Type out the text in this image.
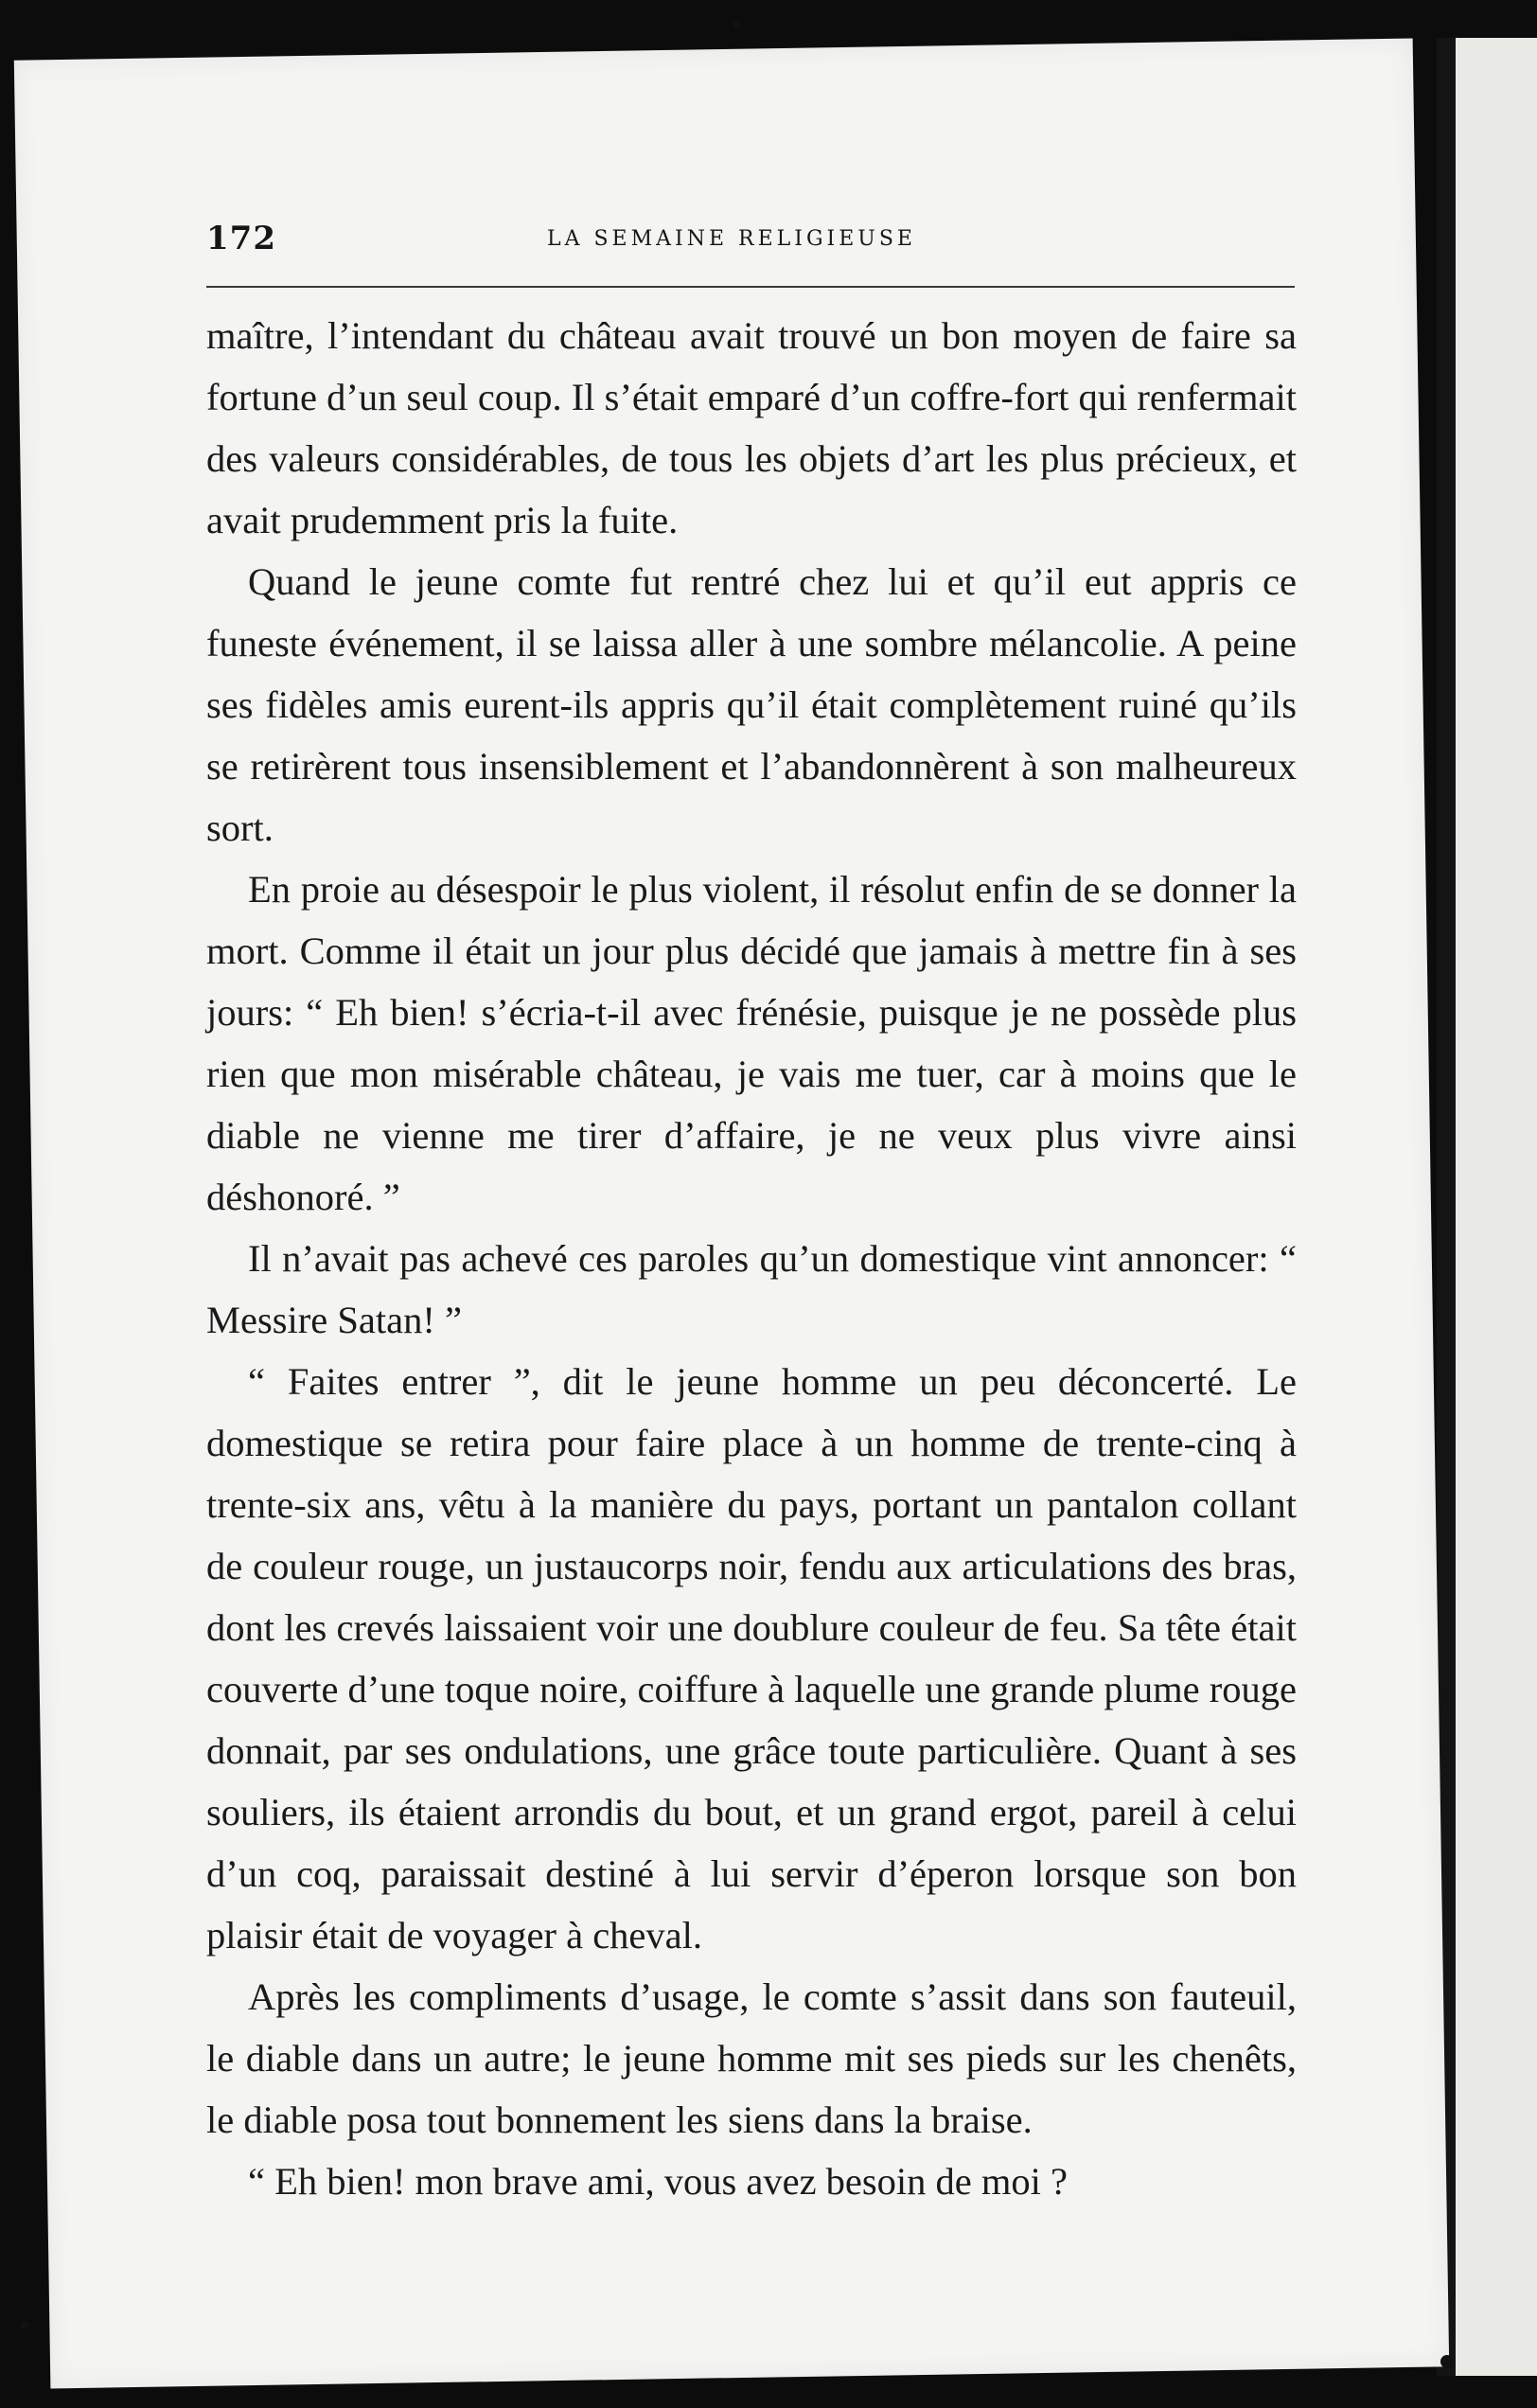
172	LA SEMAINE RELIGIEUSE

maître, l’intendant du château avait trouvé un bon moyen de faire sa fortune d’un seul coup. Il s’était emparé d’un coffre-fort qui renfermait des valeurs considérables, de tous les objets d’art les plus précieux, et avait prudemment pris la fuite.

Quand le jeune comte fut rentré chez lui et qu’il eut appris ce funeste événement, il se laissa aller à une sombre mélancolie. A peine ses fidèles amis eurent-ils appris qu’il était complètement ruiné qu’ils se retirèrent tous insensiblement et l’abandonnèrent à son malheureux sort.

En proie au désespoir le plus violent, il résolut enfin de se donner la mort. Comme il était un jour plus décidé que jamais à mettre fin à ses jours: “ Eh bien! s’écria-t-il avec frénésie, puisque je ne possède plus rien que mon misérable château, je vais me tuer, car à moins que le diable ne vienne me tirer d’affaire, je ne veux plus vivre ainsi déshonoré. ”

Il n’avait pas achevé ces paroles qu’un domestique vint annoncer: “ Messire Satan! ”

“ Faites entrer ”, dit le jeune homme un peu déconcerté. Le domestique se retira pour faire place à un homme de trente-cinq à trente-six ans, vêtu à la manière du pays, portant un pantalon collant de couleur rouge, un justaucorps noir, fendu aux articulations des bras, dont les crevés laissaient voir une doublure couleur de feu. Sa tête était couverte d’une toque noire, coiffure à laquelle une grande plume rouge donnait, par ses ondulations, une grâce toute particulière. Quant à ses souliers, ils étaient arrondis du bout, et un grand ergot, pareil à celui d’un coq, paraissait destiné à lui servir d’éperon lorsque son bon plaisir était de voyager à cheval.

Après les compliments d’usage, le comte s’assit dans son fauteuil, le diable dans un autre; le jeune homme mit ses pieds sur les chenêts, le diable posa tout bonnement les siens dans la braise.

“ Eh bien! mon brave ami, vous avez besoin de moi ?
